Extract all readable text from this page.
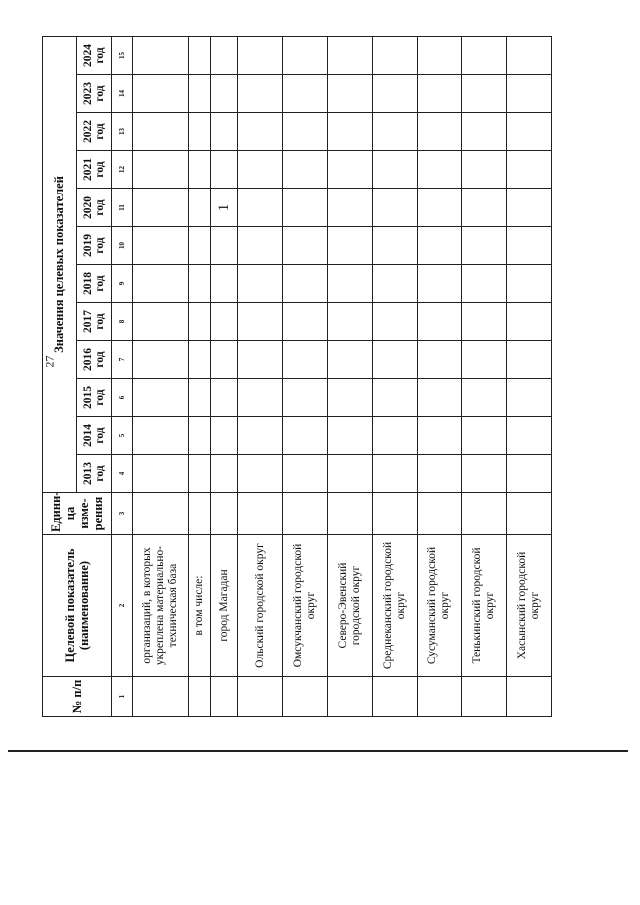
27
№ п/п	Целевой показатель (наименование)	Едини- ца изме- рения	Значения целевых показателей											
			2013 год	2014 год	2015 год	2016 год	2017 год	2018 год	2019 год	2020 год	2021 год	2022 год	2023 год	2024 год
1	2	3	4	5	6	7	8	9	10	11	12	13	14	15
	организаций, в которых укреплена материально-техническая база													
	в том числе:													
	город Магадан									1				
	Ольский городской округ													
	Омсукчанский городской округ													
	Северо-Эвенский городской округ													
	Среднеканский городской округ													
	Сусуманский городской округ													
	Тенькинский городской округ													
	Хасынский городской округ													
